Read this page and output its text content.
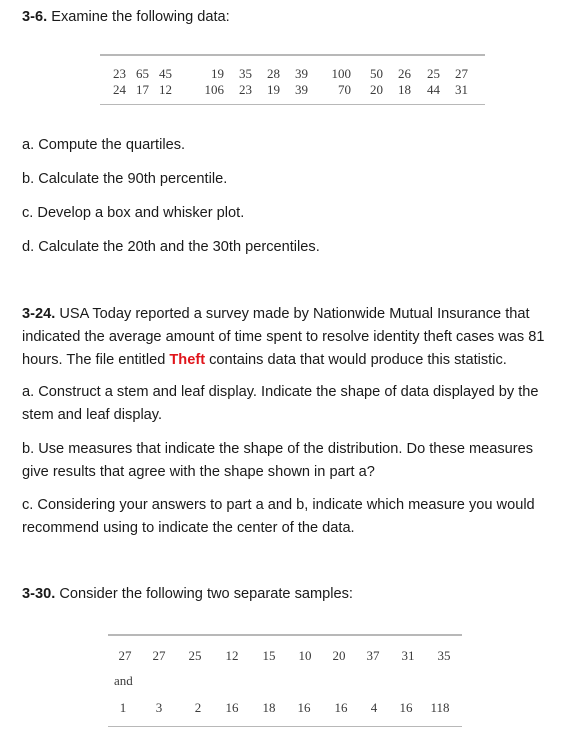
3-6. Examine the following data:
23 65 45	19	35	28	39	100	50	26	25	27
24 17 12	106	23	19	39	70	20	18	44	31
a. Compute the quartiles.
b. Calculate the 90th percentile.
c. Develop a box and whisker plot.
d. Calculate the 20th and the 30th percentiles.
3-24. USA Today reported a survey made by Nationwide Mutual Insurance that indicated the average amount of time spent to resolve identity theft cases was 81 hours. The file entitled Theft contains data that would produce this statistic.
a. Construct a stem and leaf display. Indicate the shape of data displayed by the stem and leaf display.
b. Use measures that indicate the shape of the distribution. Do these measures give results that agree with the shape shown in part a?
c. Considering your answers to part a and b, indicate which measure you would recommend using to indicate the center of the data.
3-30. Consider the following two separate samples:
27	27	25	12	15	10	20	37	31	35
and
1	3	2	16	18	16	16	4	16	118
